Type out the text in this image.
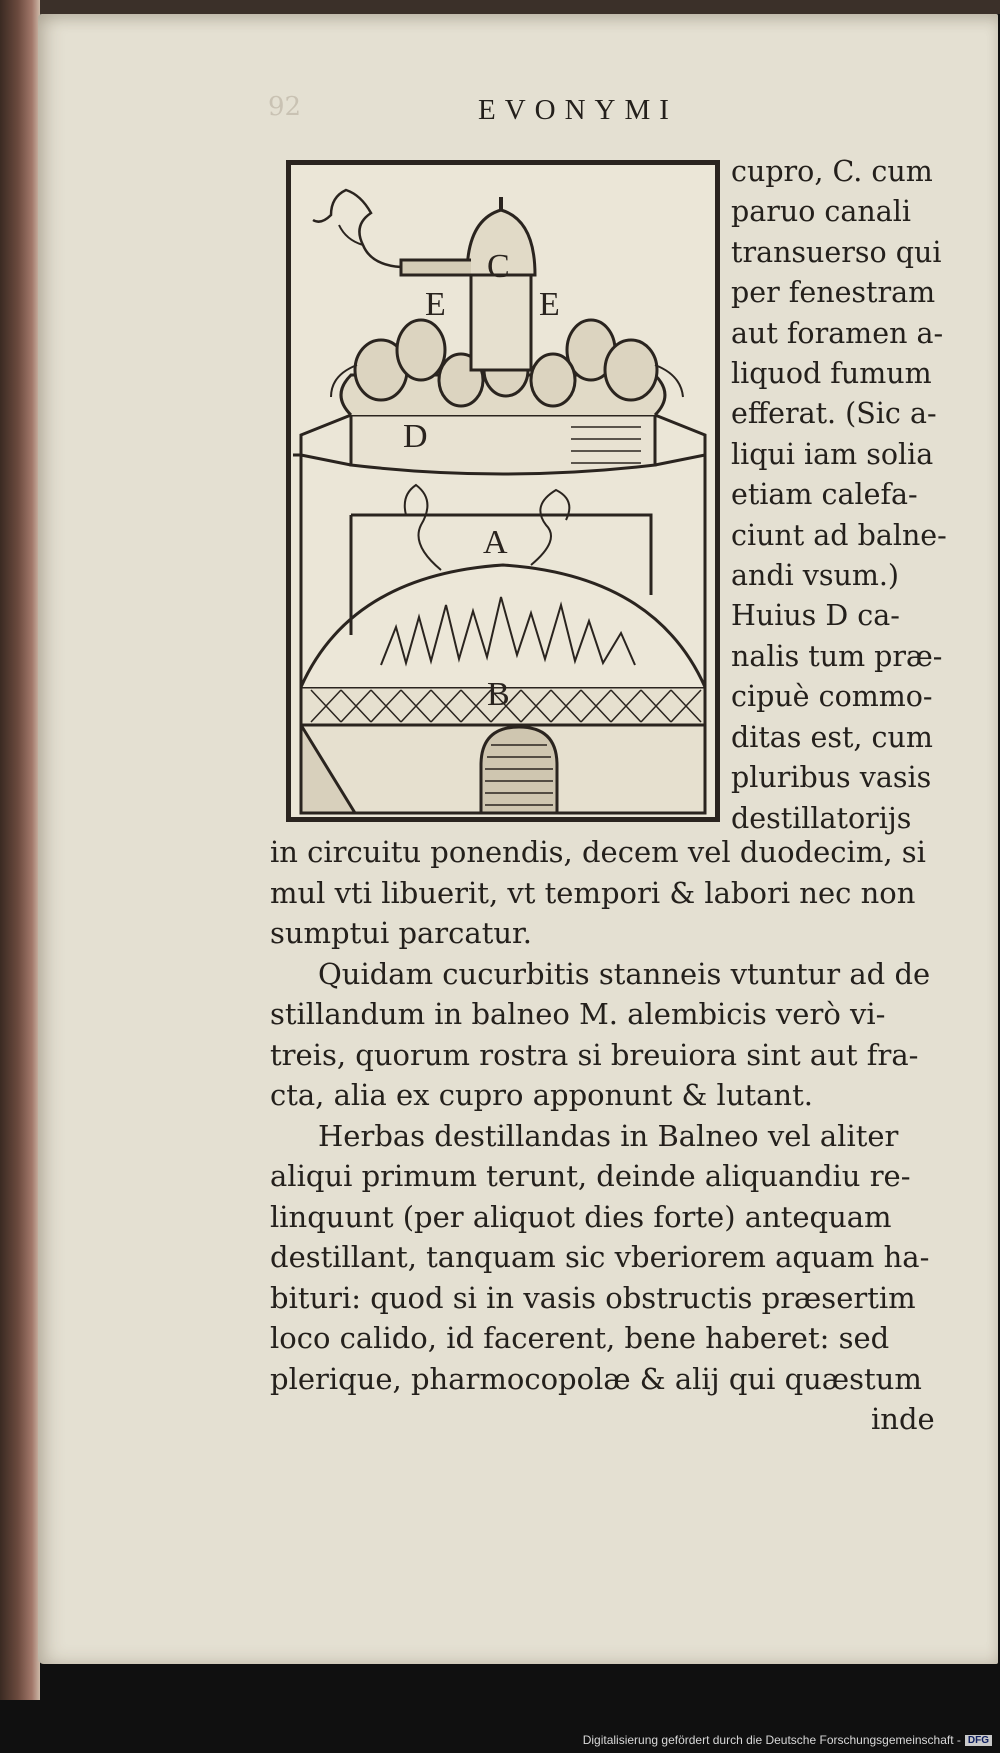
92	EVONYMI
C
E	E
D
A
B
cupro, C. cum
paruo canali
transuerso qui
per fenestram
aut foramen a-
liquod fumum
efferat. (Sic a-
liqui iam solia
etiam calefa-
ciunt ad balne-
andi vsum.)
Huius D ca-
nalis tum præ-
cipuè commo-
ditas est, cum
pluribus vasis
destillatorijs
in circuitu ponendis, decem vel duodecim, si
mul vti libuerit, vt tempori & labori nec non
sumptui parcatur.
Quidam cucurbitis stanneis vtuntur ad de
stillandum in balneo M. alembicis verò vi-
treis, quorum rostra si breuiora sint aut fra-
cta, alia ex cupro apponunt & lutant.
Herbas destillandas in Balneo vel aliter
aliqui primum terunt, deinde aliquandiu re-
linquunt (per aliquot dies forte) antequam
destillant, tanquam sic vberiorem aquam ha-
bituri: quod si in vasis obstructis præsertim
loco calido, id facerent, bene haberet: sed
plerique, pharmocopolæ & alij qui quæstum
inde
Digitalisierung gefördert durch die Deutsche Forschungsgemeinschaft - DFG
